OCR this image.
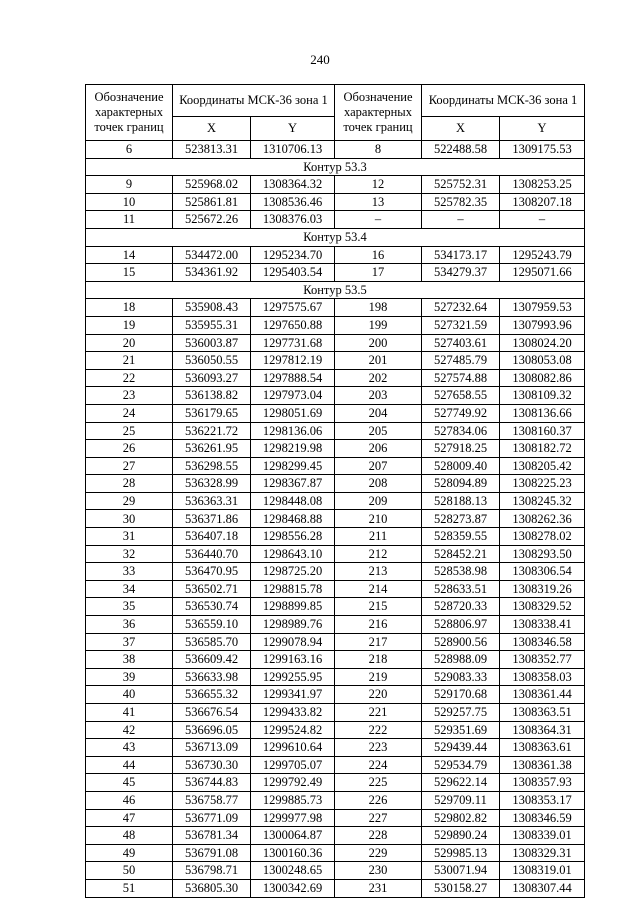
240
Обозначение характерных точек границ	Координаты МСК-36 зона 1		Обозначение характерных точек границ	Координаты МСК-36 зона 1	
	X	Y		X	Y
6	523813.31	1310706.13	8	522488.58	1309175.53
Контур 53.3					
9	525968.02	1308364.32	12	525752.31	1308253.25
10	525861.81	1308536.46	13	525782.35	1308207.18
11	525672.26	1308376.03	–	–	–
Контур 53.4					
14	534472.00	1295234.70	16	534173.17	1295243.79
15	534361.92	1295403.54	17	534279.37	1295071.66
Контур 53.5					
18	535908.43	1297575.67	198	527232.64	1307959.53
19	535955.31	1297650.88	199	527321.59	1307993.96
20	536003.87	1297731.68	200	527403.61	1308024.20
21	536050.55	1297812.19	201	527485.79	1308053.08
22	536093.27	1297888.54	202	527574.88	1308082.86
23	536138.82	1297973.04	203	527658.55	1308109.32
24	536179.65	1298051.69	204	527749.92	1308136.66
25	536221.72	1298136.06	205	527834.06	1308160.37
26	536261.95	1298219.98	206	527918.25	1308182.72
27	536298.55	1298299.45	207	528009.40	1308205.42
28	536328.99	1298367.87	208	528094.89	1308225.23
29	536363.31	1298448.08	209	528188.13	1308245.32
30	536371.86	1298468.88	210	528273.87	1308262.36
31	536407.18	1298556.28	211	528359.55	1308278.02
32	536440.70	1298643.10	212	528452.21	1308293.50
33	536470.95	1298725.20	213	528538.98	1308306.54
34	536502.71	1298815.78	214	528633.51	1308319.26
35	536530.74	1298899.85	215	528720.33	1308329.52
36	536559.10	1298989.76	216	528806.97	1308338.41
37	536585.70	1299078.94	217	528900.56	1308346.58
38	536609.42	1299163.16	218	528988.09	1308352.77
39	536633.98	1299255.95	219	529083.33	1308358.03
40	536655.32	1299341.97	220	529170.68	1308361.44
41	536676.54	1299433.82	221	529257.75	1308363.51
42	536696.05	1299524.82	222	529351.69	1308364.31
43	536713.09	1299610.64	223	529439.44	1308363.61
44	536730.30	1299705.07	224	529534.79	1308361.38
45	536744.83	1299792.49	225	529622.14	1308357.93
46	536758.77	1299885.73	226	529709.11	1308353.17
47	536771.09	1299977.98	227	529802.82	1308346.59
48	536781.34	1300064.87	228	529890.24	1308339.01
49	536791.08	1300160.36	229	529985.13	1308329.31
50	536798.71	1300248.65	230	530071.94	1308319.01
51	536805.30	1300342.69	231	530158.27	1308307.44
